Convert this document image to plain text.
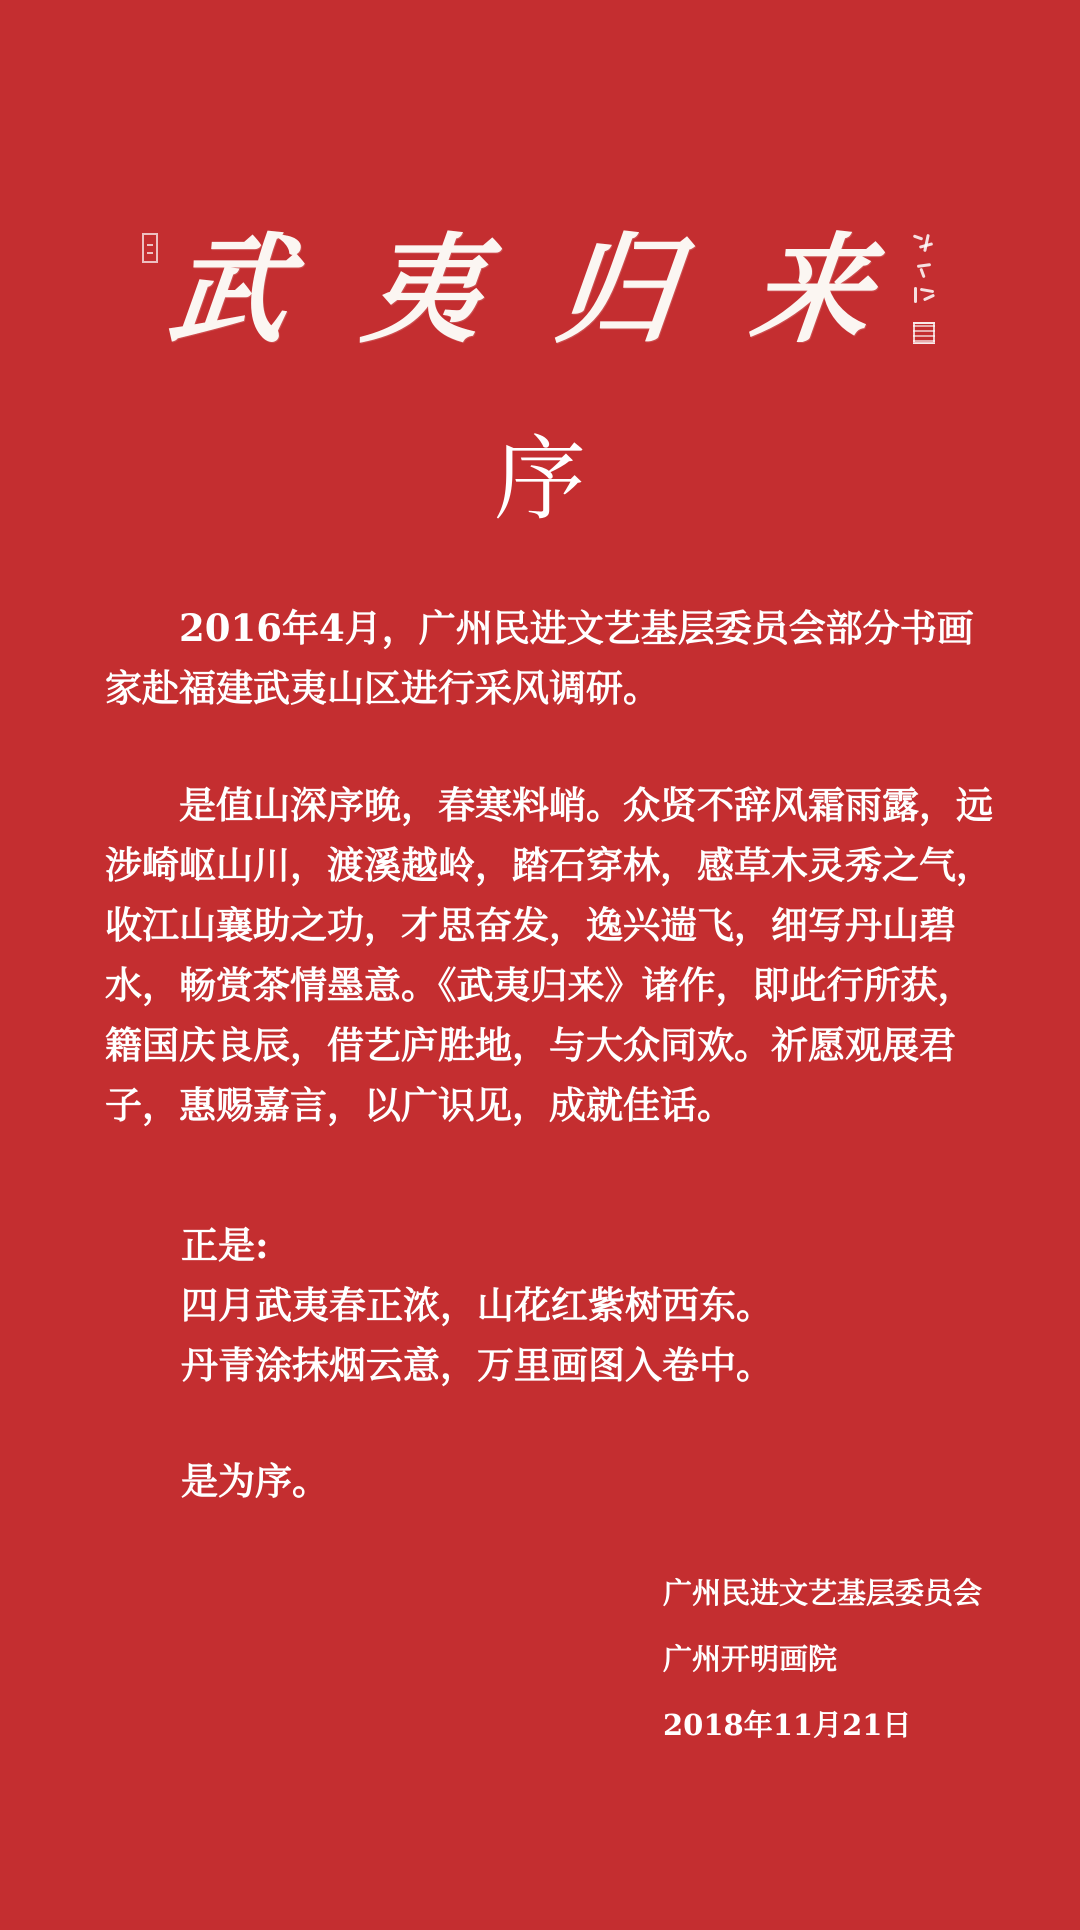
武 夷 归 来
序

2016年4月，广州民进文艺基层委员会部分书画家赴福建武夷山区进行采风调研。

是值山深序晚，春寒料峭。众贤不辞风霜雨露，远涉崎岖山川，渡溪越岭，踏石穿林，感草木灵秀之气，收江山襄助之功，才思奋发，逸兴遄飞，细写丹山碧水，畅赏茶情墨意。《武夷归来》诸作，即此行所获，籍国庆良辰，借艺庐胜地，与大众同欢。祈愿观展君子，惠赐嘉言，以广识见，成就佳话。

正是:
四月武夷春正浓，山花红紫树西东。
丹青涂抹烟云意，万里画图入卷中。
是为序。
广州民进文艺基层委员会
广州开明画院
2018年11月21日
